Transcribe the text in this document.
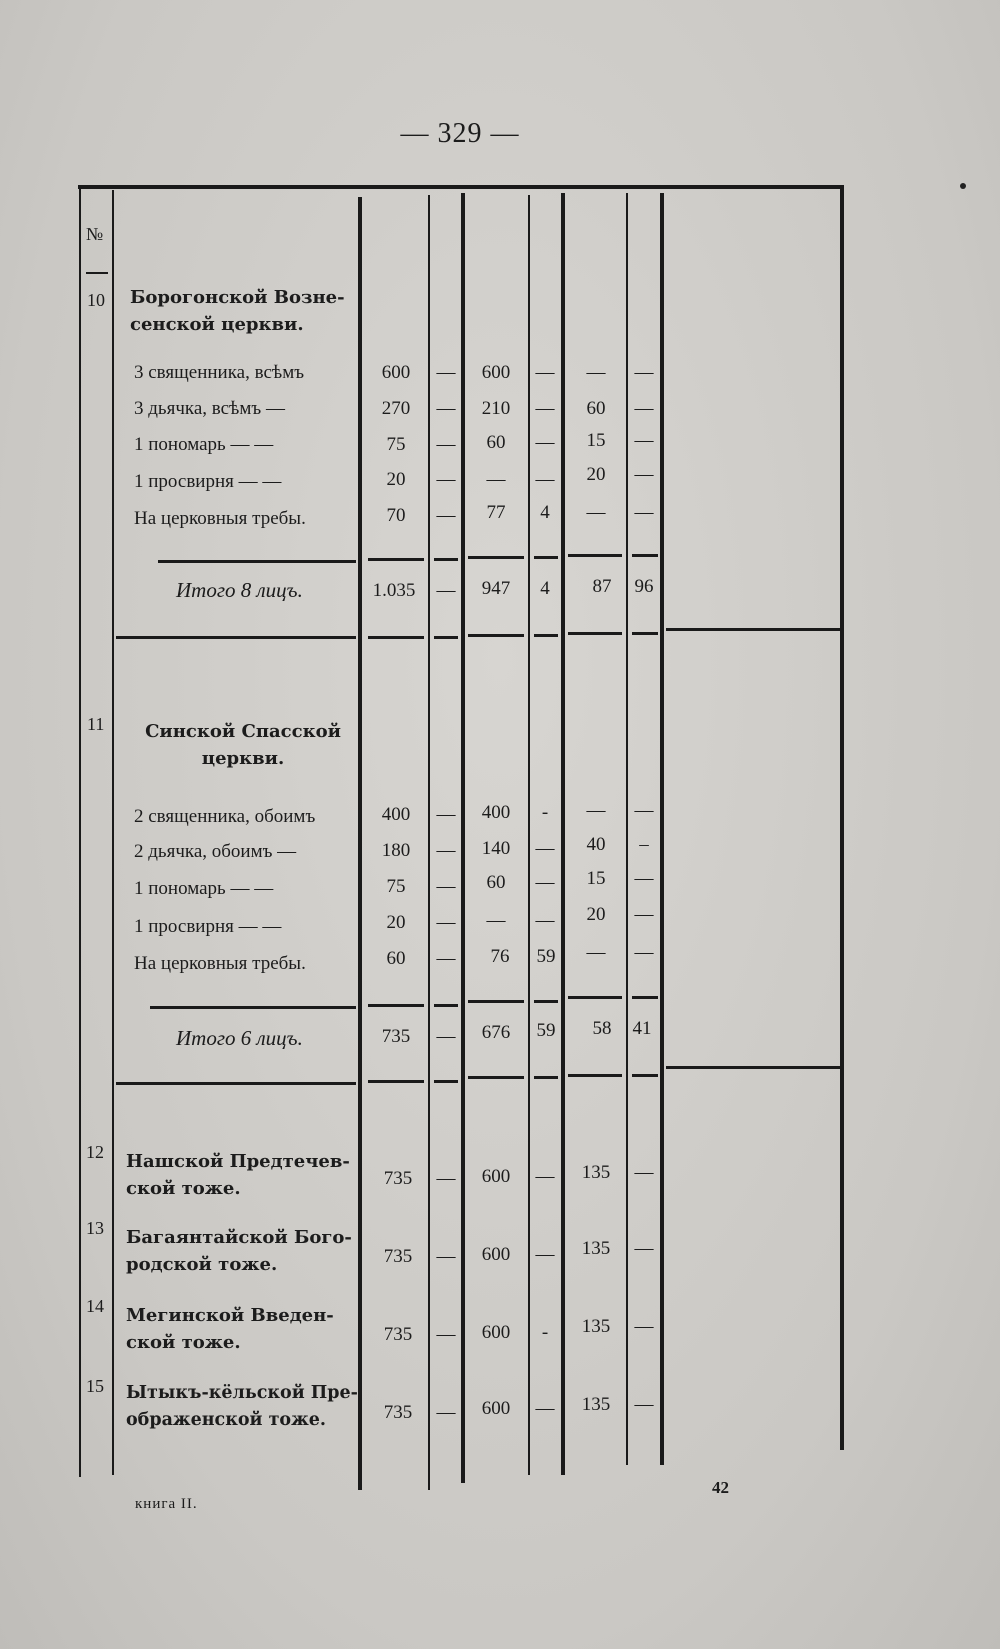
— 329 —
№
10 Борогонской Возне-
сенской церкви.
3 священника, всѣмъ	600	—	600	—	—	—
3 дьячка, всѣмъ —	270	—	210	—	60	—
1 пономарь — —	75	—	60	—	15	—
1 просвирня — —	20	—	—	—	20	—
На церковныя требы.	70	—	77	4	—	—
Итого 8 лицъ.	1.035	—	947	4	87	96
11	Синской Спасской
церкви.
2 священника, обоимъ	400	—	400	-	—	—
2 дьячка, обоимъ —	180	—	140	—	40	–
1 пономарь — —	75	—	60	—	15	—
1 просвирня — —	20	—	—	—	20	—
На церковныя требы.	60	—	76	59	—	—
Итого 6 лицъ.	735	—	676	59	58	41
12 Нашской Предтечев-
ской тоже.	735	—	600	—	135	—
13 Багаянтайской Бого-
родской тоже.	735	—	600	—	135	—
14 Мегинской Введен-
ской тоже.	735	—	600	-	135	—
15 Ытыкъ-кёльской Пре-
ображенской тоже.	735	—	600	—	135	—
книга II.
42
